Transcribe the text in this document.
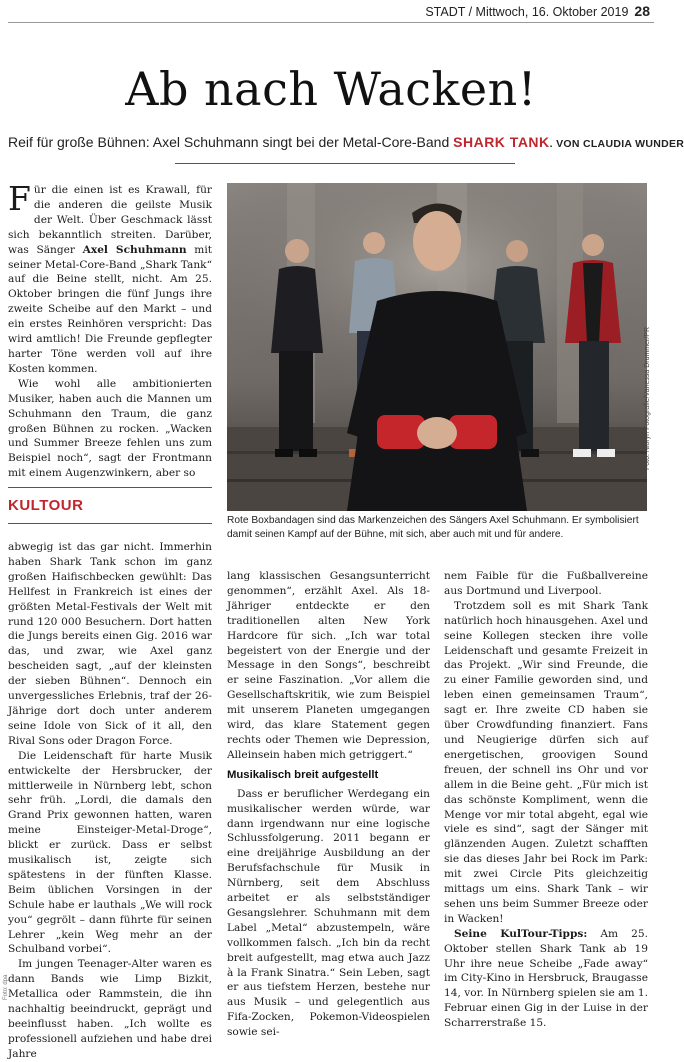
STADT / Mittwoch, 16. Oktober 2019 28
Ab nach Wacken!
Reif für große Bühnen: Axel Schuhmann singt bei der Metal-Core-Band SHARK TANK. VON CLAUDIA WUNDER

Für die einen ist es Krawall, für die anderen die geilste Musik der Welt. Über Geschmack lässt sich bekanntlich streiten. Darüber, was Sänger Axel Schuhmann mit seiner Metal-Core-Band „Shark Tank“ auf die Beine stellt, nicht. Am 25. Oktober bringen die fünf Jungs ihre zweite Scheibe auf den Markt – und ein erstes Reinhören verspricht: Das wird amtlich! Die Freunde gepflegter harter Töne werden voll auf ihre Kosten kommen.

Wie wohl alle ambitionierten Musiker, haben auch die Mannen um Schuhmann den Traum, die ganz großen Bühnen zu rocken. „Wacken und Summer Breeze fehlen uns zum Beispiel noch“, sagt der Frontmann mit einem Augenzwinkern, aber so

KULTOUR
Foto: Nioryn Fotografie/Vanessa Drummer/PR
Rote Boxbandagen sind das Markenzeichen des Sängers Axel Schuhmann. Er symbolisiert damit seinen Kampf auf der Bühne, mit sich, aber auch mit und für andere.

abwegig ist das gar nicht. Immerhin haben Shark Tank schon im ganz großen Haifischbecken gewühlt: Das Hellfest in Frankreich ist eines der größten Metal-Festivals der Welt mit rund 120 000 Besuchern. Dort hatten die Jungs bereits einen Gig. 2016 war das, und zwar, wie Axel ganz bescheiden sagt, „auf der kleinsten der sieben Bühnen“. Dennoch ein unvergessliches Erlebnis, traf der 26-Jährige dort doch unter anderem seine Idole von Sick of it all, den Rival Sons oder Dragon Force.

Die Leidenschaft für harte Musik entwickelte der Hersbrucker, der mittlerweile in Nürnberg lebt, schon sehr früh. „Lordi, die damals den Grand Prix gewonnen hatten, waren meine Einsteiger-Metal-Droge“, blickt er zurück. Dass er selbst musikalisch ist, zeigte sich spätestens in der fünften Klasse. Beim üblichen Vorsingen in der Schule habe er lauthals „We will rock you“ gegrölt – dann führte für seinen Lehrer „kein Weg mehr an der Schulband vorbei“.

Im jungen Teenager-Alter waren es dann Bands wie Limp Bizkit, Metallica oder Rammstein, die ihn nachhaltig beeindruckt, geprägt und beeinflusst haben. „Ich wollte es professionell aufziehen und habe drei Jahre

Foto: dpa

lang klassischen Gesangsunterricht genommen“, erzählt Axel. Als 18-Jähriger entdeckte er den traditionellen alten New York Hardcore für sich. „Ich war total begeistert von der Energie und der Message in den Songs“, beschreibt er seine Faszination. „Vor allem die Gesellschaftskritik, wie zum Beispiel mit unserem Planeten umgegangen wird, das klare Statement gegen rechts oder Themen wie Depression, Alleinsein haben mich getriggert.“

Musikalisch breit aufgestellt

Dass er beruflicher Werdegang ein musikalischer werden würde, war dann irgendwann nur eine logische Schlussfolgerung. 2011 begann er eine dreijährige Ausbildung an der Berufsfachschule für Musik in Nürnberg, seit dem Abschluss arbeitet er als selbstständiger Gesangslehrer. Schuhmann mit dem Label „Metal“ abzustempeln, wäre vollkommen falsch. „Ich bin da recht breit aufgestellt, mag etwa auch Jazz à la Frank Sinatra.“ Sein Leben, sagt er aus tiefstem Herzen, bestehe nur aus Musik – und gelegentlich aus Fifa-Zocken, Pokemon-Videospielen sowie sei-

nem Faible für die Fußballvereine aus Dortmund und Liverpool.

Trotzdem soll es mit Shark Tank natürlich hoch hinausgehen. Axel und seine Kollegen stecken ihre volle Leidenschaft und gesamte Freizeit in das Projekt. „Wir sind Freunde, die zu einer Familie geworden sind, und leben einen gemeinsamen Traum“, sagt er. Ihre zweite CD haben sie über Crowdfunding finanziert. Fans und Neugierige dürfen sich auf energetischen, groovigen Sound freuen, der schnell ins Ohr und vor allem in die Beine geht. „Für mich ist das schönste Kompliment, wenn die Menge vor mir total abgeht, egal wie viele es sind“, sagt der Sänger mit glänzenden Augen. Zuletzt schafften sie das dieses Jahr bei Rock im Park: mit zwei Circle Pits gleichzeitig mittags um eins. Shark Tank – wir sehen uns beim Summer Breeze oder in Wacken!

Seine KulTour-Tipps: Am 25. Oktober stellen Shark Tank ab 19 Uhr ihre neue Scheibe „Fade away“ im City-Kino in Hersbruck, Braugasse 14, vor. In Nürnberg spielen sie am 1. Februar einen Gig in der Luise in der Scharrerstraße 15.
